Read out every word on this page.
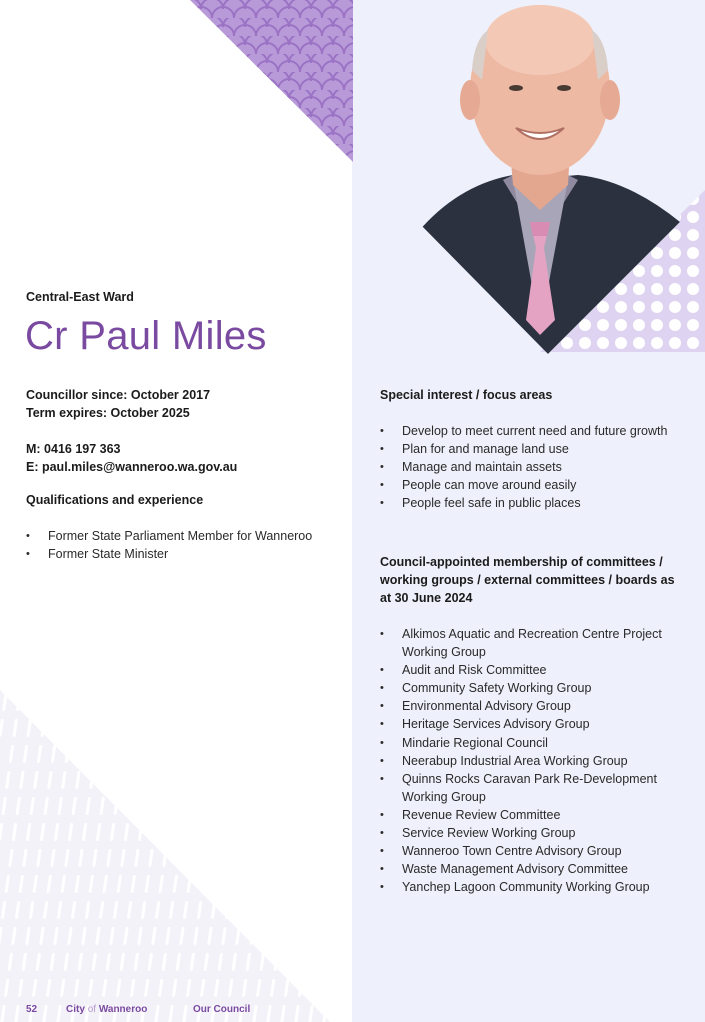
Central-East Ward
Cr Paul Miles
Councillor since: October 2017
Term expires: October 2025
M: 0416 197 363
E: paul.miles@wanneroo.wa.gov.au
Qualifications and experience
• Former State Parliament Member for Wanneroo
• Former State Minister
Special interest / focus areas
• Develop to meet current need and future growth
• Plan for and manage land use
• Manage and maintain assets
• People can move around easily
• People feel safe in public places
Council-appointed membership of committees / working groups / external committees / boards as at 30 June 2024
• Alkimos Aquatic and Recreation Centre Project Working Group
• Audit and Risk Committee
• Community Safety Working Group
• Environmental Advisory Group
• Heritage Services Advisory Group
• Mindarie Regional Council
• Neerabup Industrial Area Working Group
• Quinns Rocks Caravan Park Re-Development Working Group
• Revenue Review Committee
• Service Review Working Group
• Wanneroo Town Centre Advisory Group
• Waste Management Advisory Committee
• Yanchep Lagoon Community Working Group
52	City of Wanneroo	Our Council
